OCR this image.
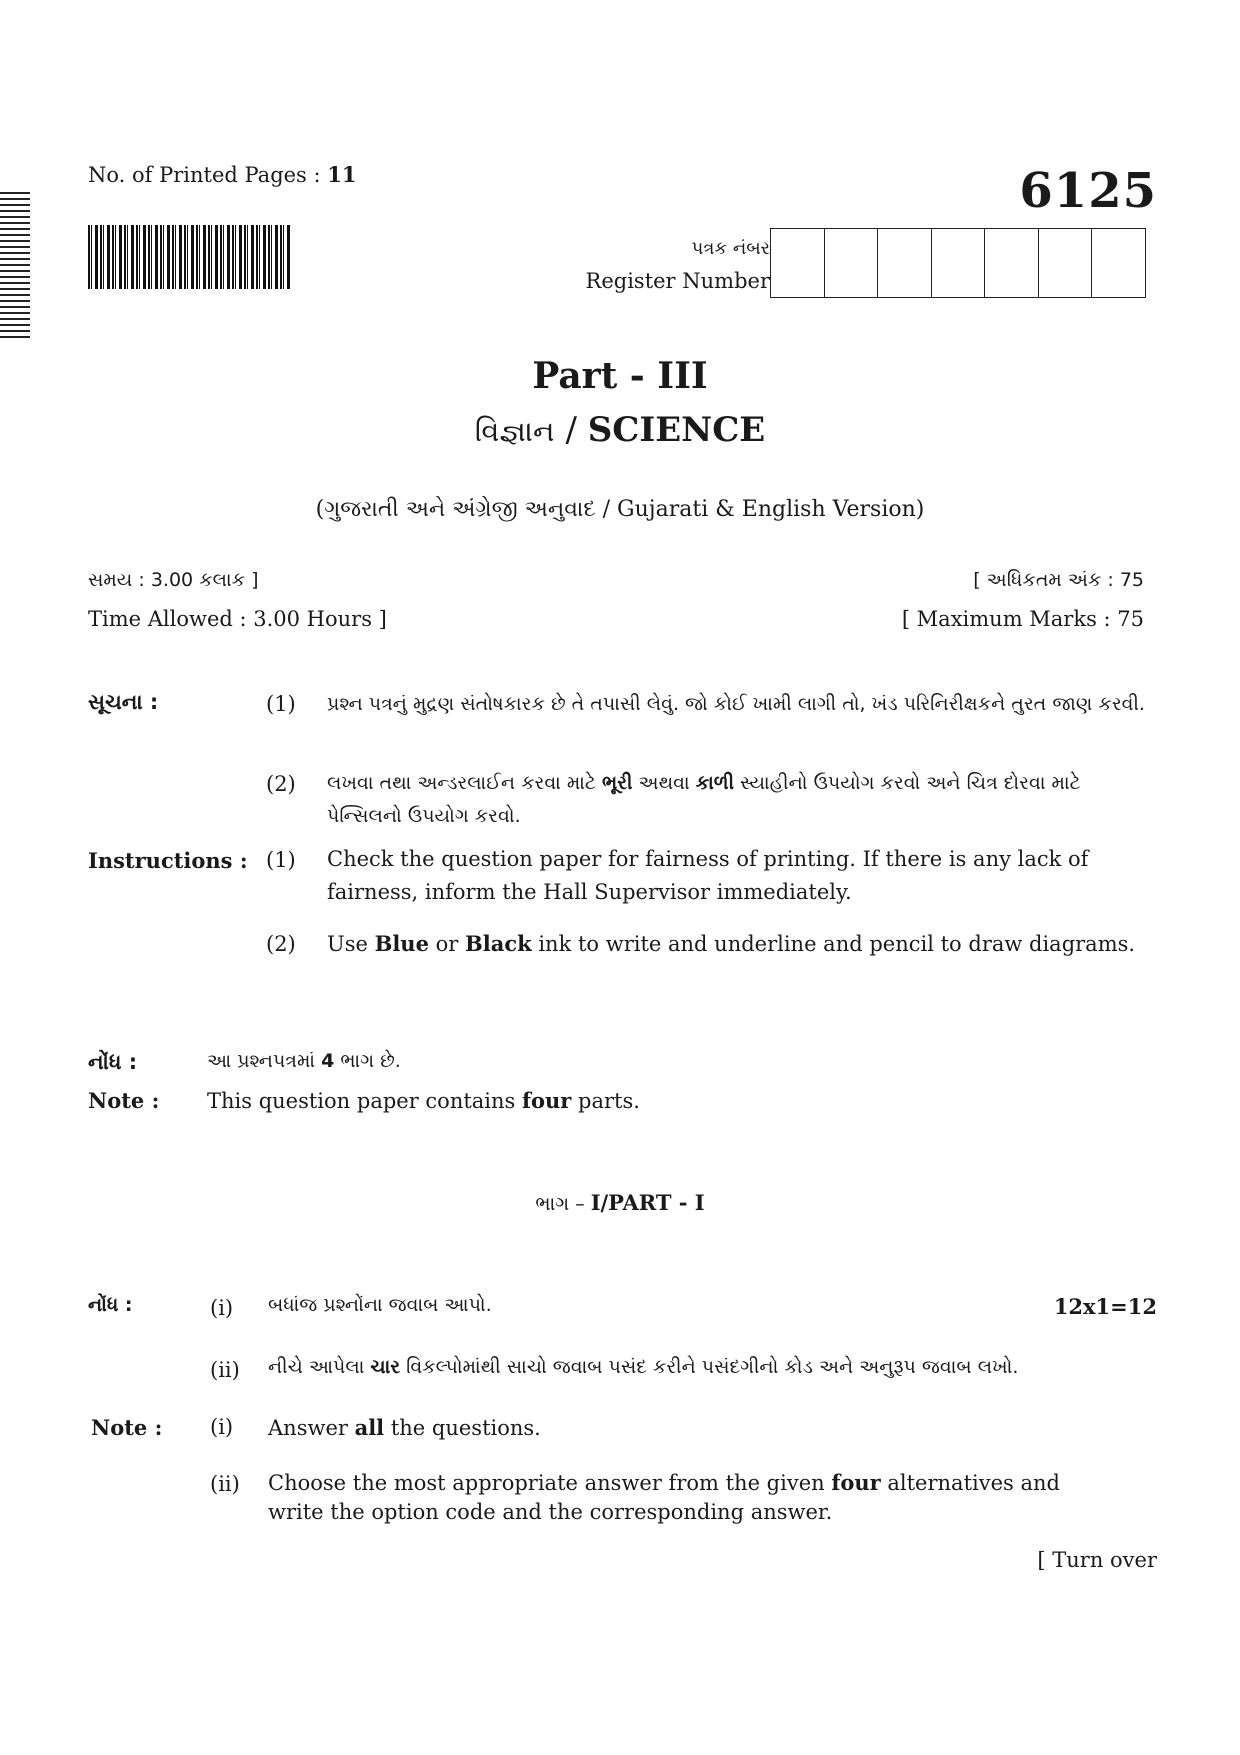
No. of Printed Pages : 11	6125
પત્રક નંબર
Register Number
Part - III
વિજ્ઞાન / SCIENCE
(ગુજરાતી અને અંગ્રેજી અનુવાદ / Gujarati & English Version)
સમય : 3.00 કલાક ]	[ અધિકતમ અંક : 75
Time Allowed : 3.00 Hours ]	[ Maximum Marks : 75
સૂચના :	(1) પ્રશ્ન પત્રનું મુદ્રણ સંતોષકારક છે તે તપાસી લેવું. જો કોઈ ખામી લાગી તો, ખંડ પરિનિરીક્ષકને તુરત જાણ કરવી.
(2) લખવા તથા અન્ડરલાઈન કરવા માટે ભૂરી અથવા કાળી સ્યાહીનો ઉપયોગ કરવો અને ચિત્ર દોરવા માટે પેન્સિલનો ઉપયોગ કરવો.
Instructions : (1) Check the question paper for fairness of printing. If there is any lack of fairness, inform the Hall Supervisor immediately.
(2) Use Blue or Black ink to write and underline and pencil to draw diagrams.
નોંધ :	આ પ્રશ્નપત્રમાં 4 ભાગ છે.
Note : This question paper contains four parts.
ભાગ – I/PART - I
નોંધ :	(i) બધાંજ પ્રશ્નોંના જવાબ આપો.	12x1=12
(ii) નીચે આપેલા ચાર વિકલ્પોમાંથી સાચો જવાબ પસંદ કરીને પસંદગીનો કોડ અને અનુરૂપ જવાબ લખો.
Note : (i) Answer all the questions.
(ii) Choose the most appropriate answer from the given four alternatives and write the option code and the corresponding answer.
[ Turn over
